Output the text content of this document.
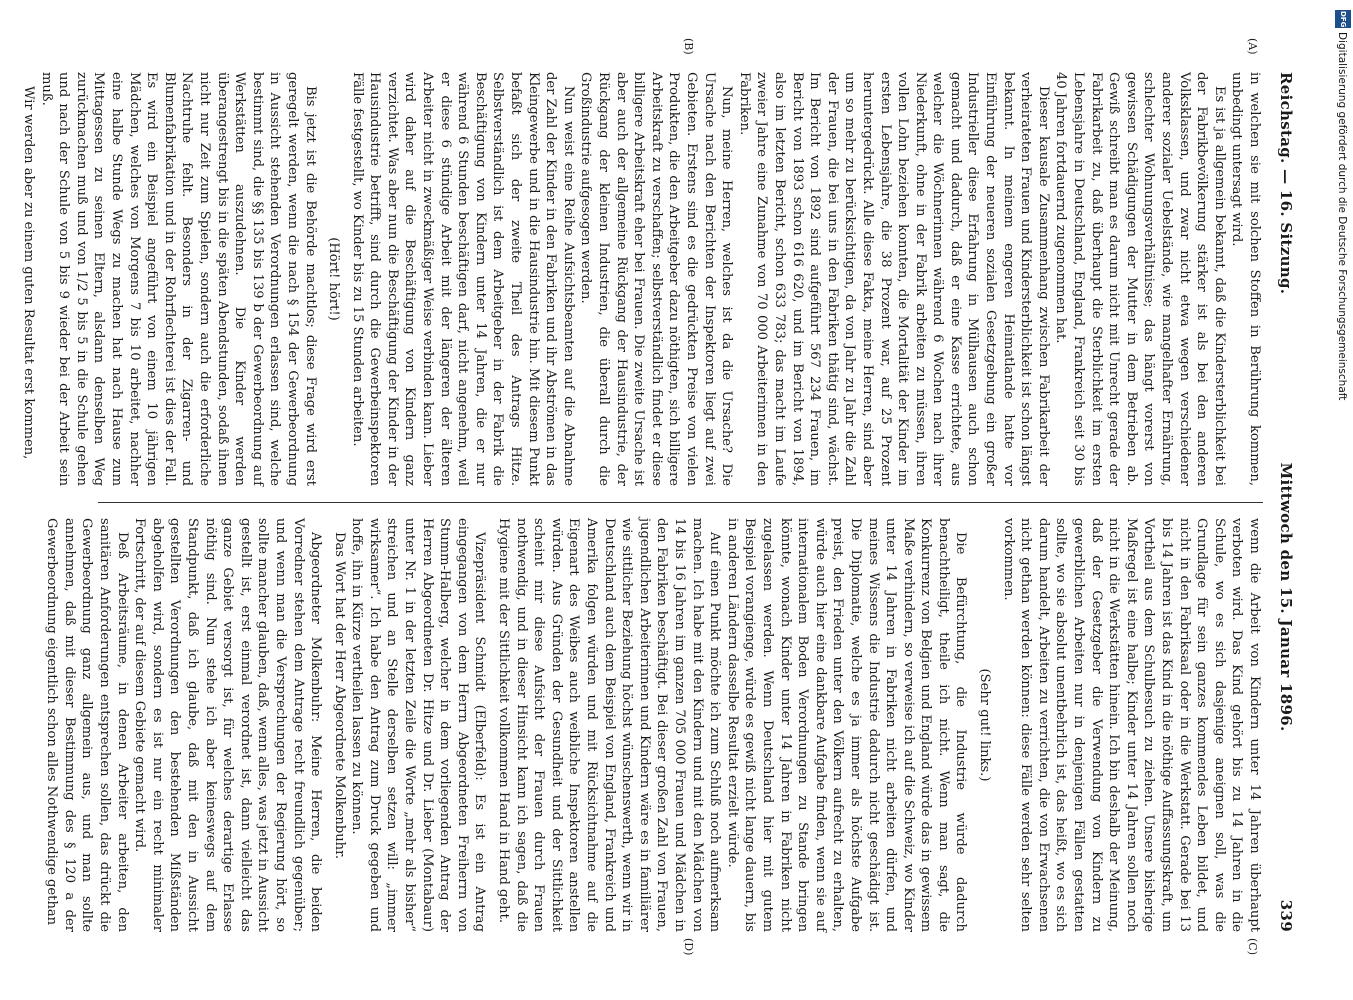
Reichstag. — 16. Sitzung.
Mittwoch den 15. Januar 1896.
339
(A)
(B)
(C)
(D)

in welchen sie mit solchen Stoffen in Berührung kommen, unbedingt untersagt wird.

Es ist ja allgemein bekannt, daß die Kindersterblichkeit bei der Fabrikbevölkerung stärker ist als bei den anderen Volksklassen, und zwar nicht etwa wegen verschiedener anderer sozialer Uebelstände, wie mangelhafter Ernährung, schlechter Wohnungsverhältnisse; das hängt vorerst von gewissen Schädigungen der Mutter in dem Betrieben ab. Gewiß schreibt man es darum nicht mit Unrecht gerade der Fabrikarbeit zu, daß überhaupt die Sterblichkeit im ersten Lebensjahre in Deutschland, England, Frankreich seit 30 bis 40 Jahren fortdauernd zugenommen hat.

Dieser kausale Zusammenhang zwischen Fabrikarbeit der verheirateten Frauen und Kindersterblichkeit ist schon längst bekannt. In meinem engeren Heimatlande hatte vor Einführung der neueren sozialen Gesetzgebung ein großer Industrieller diese Erfahrung in Mülhausen auch schon gemacht und dadurch, daß er eine Kasse errichtete, aus welcher die Wöchnerinnen während 6 Wochen nach ihrer Niederkunft, ohne in der Fabrik arbeiten zu müssen, ihren vollen Lohn beziehen konnten, die Mortalität der Kinder im ersten Lebensjahre, die 38 Prozent war, auf 25 Prozent heruntergedrückt. Alle diese Fakta, meine Herren, sind aber um so mehr zu berücksichtigen, da von Jahr zu Jahr die Zahl der Frauen, die bei uns in den Fabriken thätig sind, wächst. Im Bericht von 1892 sind aufgeführt 567 234 Frauen, im Bericht von 1893 schon 616 620, und im Bericht von 1894, also im letzten Bericht, schon 633 783; das macht im Laufe zweier Jahre eine Zunahme von 70 000 Arbeiterinnen in den Fabriken.

Nun, meine Herren, welches ist da die Ursache? Die Ursache nach den Berichten der Inspektoren liegt auf zwei Gebieten. Erstens sind es die gedrückten Preise von vielen Produkten, die den Arbeitgeber dazu nöthigten, sich billigere Arbeitskraft zu verschaffen; selbstverständlich findet er diese billigere Arbeitskraft eher bei Frauen. Die zweite Ursache ist aber auch der allgemeine Rückgang der Hausindustrie, der Rückgang der kleinen Industrien, die überall durch die Großindustrie aufgesogen werden.

Nun weist eine Reihe Aufsichtsbeamten auf die Abnahme der Zahl der Kinder in den Fabriken und ihr Abströmen in das Kleingewerbe und in die Hausindustrie hin. Mit diesem Punkt befaßt sich der zweite Theil des Antrags Hitze. Selbstverständlich ist dem Arbeitgeber in der Fabrik die Beschäftigung von Kindern unter 14 Jahren, die er nur während 6 Stunden beschäftigen darf, nicht angenehm, weil er diese 6 stündige Arbeit mit der längeren der älteren Arbeiter nicht in zweckmäßiger Weise verbinden kann. Lieber wird daher auf die Beschäftigung von Kindern ganz verzichtet. Was aber nun die Beschäftigung der Kinder in der Hausindustrie betrifft, sind durch die Gewerbeinspektoren Fälle festgestellt, wo Kinder bis zu 15 Stunden arbeiten.

(Hört! hört!)

Bis jetzt ist die Behörde machtlos; diese Frage wird erst geregelt werden, wenn die nach § 154 der Gewerbeordnung in Aussicht stehenden Verordnungen erlassen sind, welche bestimmt sind, die §§ 135 bis 139 b der Gewerbeordnung auf Werkstätten auszudehnen. Die Kinder werden überangestrengt bis in die späten Abendstunden, sodaß ihnen nicht nur Zeit zum Spielen, sondern auch die erforderliche Nachtruhe fehlt. Besonders in der Zigarren- und Blumenfabrikation und in der Rohrflechterei ist dies der Fall. Es wird ein Beispiel angeführt von einem 10 jährigen Mädchen, welches von Morgens 7 bis 10 arbeitet, nachher eine halbe Stunde Wegs zu machen hat nach Hause zum Mittagessen zu seinen Eltern, alsdann denselben Weg zurückmachen muß und von 1/2 5 bis 5 in die Schule gehen und nach der Schule von 5 bis 9 wieder bei der Arbeit sein muß.

Wir werden aber zu einem guten Resultat erst kommen,

wenn die Arbeit von Kindern unter 14 Jahren überhaupt verboten wird. Das Kind gehört bis zu 14 Jahren in die Schule, wo es sich dasjenige aneignen soll, was die Grundlage für sein ganzes kommendes Leben bildet, und nicht in den Fabriksaal oder in die Werkstatt. Gerade bei 13 bis 14 Jahren ist das Kind in die nöthige Auffassungskraft, um Vortheil aus dem Schulbesuch zu ziehen. Unsere bisherige Maßregel ist eine halbe; Kinder unter 14 Jahren sollen noch nicht in die Werkstätten hinein. Ich bin deshalb der Meinung, daß der Gesetzgeber die Verwendung von Kindern zu gewerblichen Arbeiten nur in denjenigen Fällen gestatten sollte, wo sie absolut unentbehrlich ist, das heißt, wo es sich darum handelt, Arbeiten zu verrichten, die von Erwachsenen nicht gethan werden können: diese Fälle werden sehr selten vorkommen.

(Sehr gut! links.)

Die Befürchtung, die Industrie würde dadurch benachtheiligt, theile ich nicht. Wenn man sagt, die Konkurrenz von Belgien und England würde das in gewissem Maße verhindern, so verweise ich auf die Schweiz, wo Kinder unter 14 Jahren in Fabriken nicht arbeiten dürfen, und meines Wissens die Industrie dadurch nicht geschädigt ist. Die Diplomatie, welche es ja immer als höchste Aufgabe preist, den Frieden unter den Völkern aufrecht zu erhalten, würde auch hier eine dankbare Aufgabe finden, wenn sie auf internationalem Boden Verordnungen zu Stande bringen könnte, wonach Kinder unter 14 Jahren in Fabriken nicht zugelassen werden. Wenn Deutschland hier mit gutem Beispiel vorangienge, würde es gewiß nicht lange dauern, bis in anderen Ländern dasselbe Resultat erzielt würde.

Auf einen Punkt möchte ich zum Schluß noch aufmerksam machen. Ich habe mit den Kindern und mit den Mädchen von 14 bis 16 Jahren im ganzen 705 000 Frauen und Mädchen in den Fabriken beschäftigt. Bei dieser großen Zahl von Frauen, jugendlichen Arbeiterinnen und Kindern wäre es in familiärer wie sittlicher Beziehung höchst wünschenswerth, wenn wir in Deutschland auch dem Beispiel von England, Frankreich und Amerika folgen würden und mit Rücksichtnahme auf die Eigenart des Weibes auch weibliche Inspektoren anstellen würden. Aus Gründen der Gesundheit und der Sittlichkeit scheint mir diese Aufsicht der Frauen durch Frauen nothwendig, und in dieser Hinsicht kann ich sagen, daß die Hygiene mit der Sittlichkeit vollkommen Hand in Hand geht.

Vizepräsident Schmidt (Elberfeld): Es ist ein Antrag eingegangen von dem Herrn Abgeordneten Freiherrn von Stumm-Halberg, welcher in dem vorliegenden Antrag der Herren Abgeordneten Dr. Hitze und Dr. Lieber (Montabaur) unter Nr. 1 in der letzten Zeile die Worte „mehr als bisher“ streichen und an Stelle derselben setzen will: „immer wirksamer“. Ich habe den Antrag zum Druck gegeben und hoffe, ihn in Kürze vertheilen lassen zu können.

Das Wort hat der Herr Abgeordnete Molkenbuhr.

Abgeordneter Molkenbuhr: Meine Herren, die beiden Vorredner stehen dem Antrage recht freundlich gegenüber; und wenn man die Versprechungen der Regierung hört, so sollte mancher glauben, daß, wenn alles, was jetzt in Aussicht gestellt ist, erst einmal verordnet ist, dann vielleicht das ganze Gebiet versorgt ist, für welches derartige Erlasse nöthig sind. Nun stehe ich aber keineswegs auf dem Standpunkt, daß ich glaube, daß mit den in Aussicht gestellten Verordnungen den bestehenden Mißständen abgeholfen wird, sondern es ist nur ein recht minimaler Fortschritt, der auf diesem Gebiete gemacht wird.

Deß Arbeitsräume, in denen Arbeiter arbeiten, den sanitären Anforderungen entsprechen sollen, das drückt die Gewerbeordnung ganz allgemein aus, und man sollte annehmen, daß mit dieser Bestimmung des § 120 a der Gewerbeordnung eigentlich schon alles Nothwendige gethan

DFG
Digitalisierung gefördert durch die Deutsche Forschungsgemeinschaft
